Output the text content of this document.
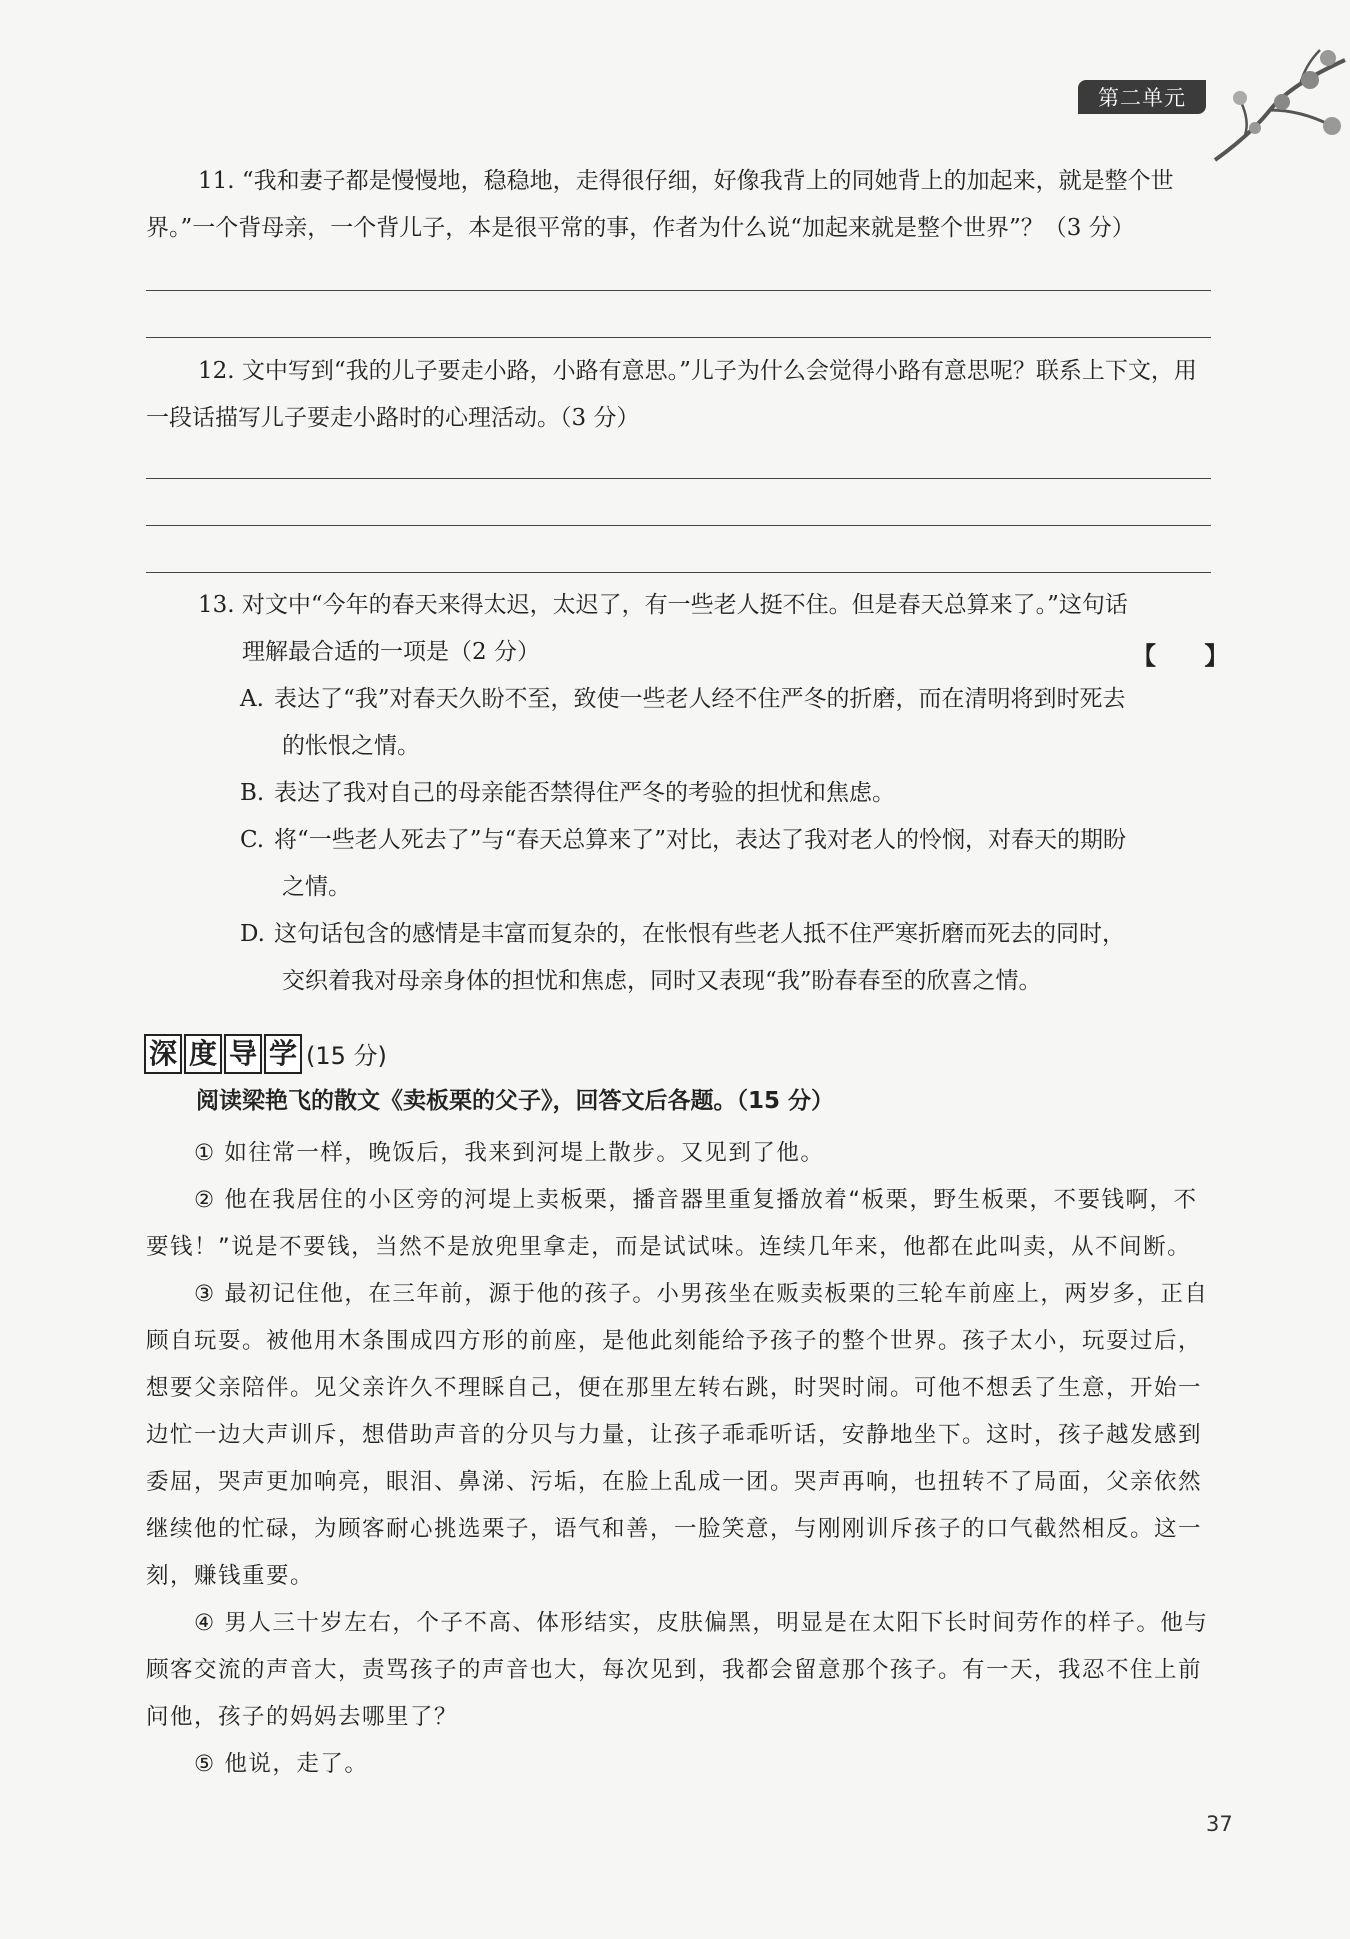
第二单元
11. “我和妻子都是慢慢地，稳稳地，走得很仔细，好像我背上的同她背上的加起来，就是整个世界。”一个背母亲，一个背儿子，本是很平常的事，作者为什么说“加起来就是整个世界”？（3 分）
12. 文中写到“我的儿子要走小路，小路有意思。”儿子为什么会觉得小路有意思呢？联系上下文，用一段话描写儿子要走小路时的心理活动。（3 分）
13. 对文中“今年的春天来得太迟，太迟了，有一些老人挺不住。但是春天总算来了。”这句话
理解最合适的一项是（2 分）	【 】
A. 表达了“我”对春天久盼不至，致使一些老人经不住严冬的折磨，而在清明将到时死去
的怅恨之情。
B. 表达了我对自己的母亲能否禁得住严冬的考验的担忧和焦虑。
C. 将“一些老人死去了”与“春天总算来了”对比，表达了我对老人的怜悯，对春天的期盼
之情。
D. 这句话包含的感情是丰富而复杂的，在怅恨有些老人抵不住严寒折磨而死去的同时，
交织着我对母亲身体的担忧和焦虑，同时又表现“我”盼春春至的欣喜之情。
深 度 导 学 (15 分)
阅读梁艳飞的散文《卖板栗的父子》，回答文后各题。（15 分）
① 如往常一样，晚饭后，我来到河堤上散步。又见到了他。
② 他在我居住的小区旁的河堤上卖板栗，播音器里重复播放着“板栗，野生板栗，不要钱啊，不要钱！”说是不要钱，当然不是放兜里拿走，而是试试味。连续几年来，他都在此叫卖，从不间断。
③ 最初记住他，在三年前，源于他的孩子。小男孩坐在贩卖板栗的三轮车前座上，两岁多，正自顾自玩耍。被他用木条围成四方形的前座，是他此刻能给予孩子的整个世界。孩子太小，玩耍过后，想要父亲陪伴。见父亲许久不理睬自己，便在那里左转右跳，时哭时闹。可他不想丢了生意，开始一边忙一边大声训斥，想借助声音的分贝与力量，让孩子乖乖听话，安静地坐下。这时，孩子越发感到委屈，哭声更加响亮，眼泪、鼻涕、污垢，在脸上乱成一团。哭声再响，也扭转不了局面，父亲依然继续他的忙碌，为顾客耐心挑选栗子，语气和善，一脸笑意，与刚刚训斥孩子的口气截然相反。这一刻，赚钱重要。
④ 男人三十岁左右，个子不高、体形结实，皮肤偏黑，明显是在太阳下长时间劳作的样子。他与顾客交流的声音大，责骂孩子的声音也大，每次见到，我都会留意那个孩子。有一天，我忍不住上前问他，孩子的妈妈去哪里了？
⑤ 他说，走了。
37
